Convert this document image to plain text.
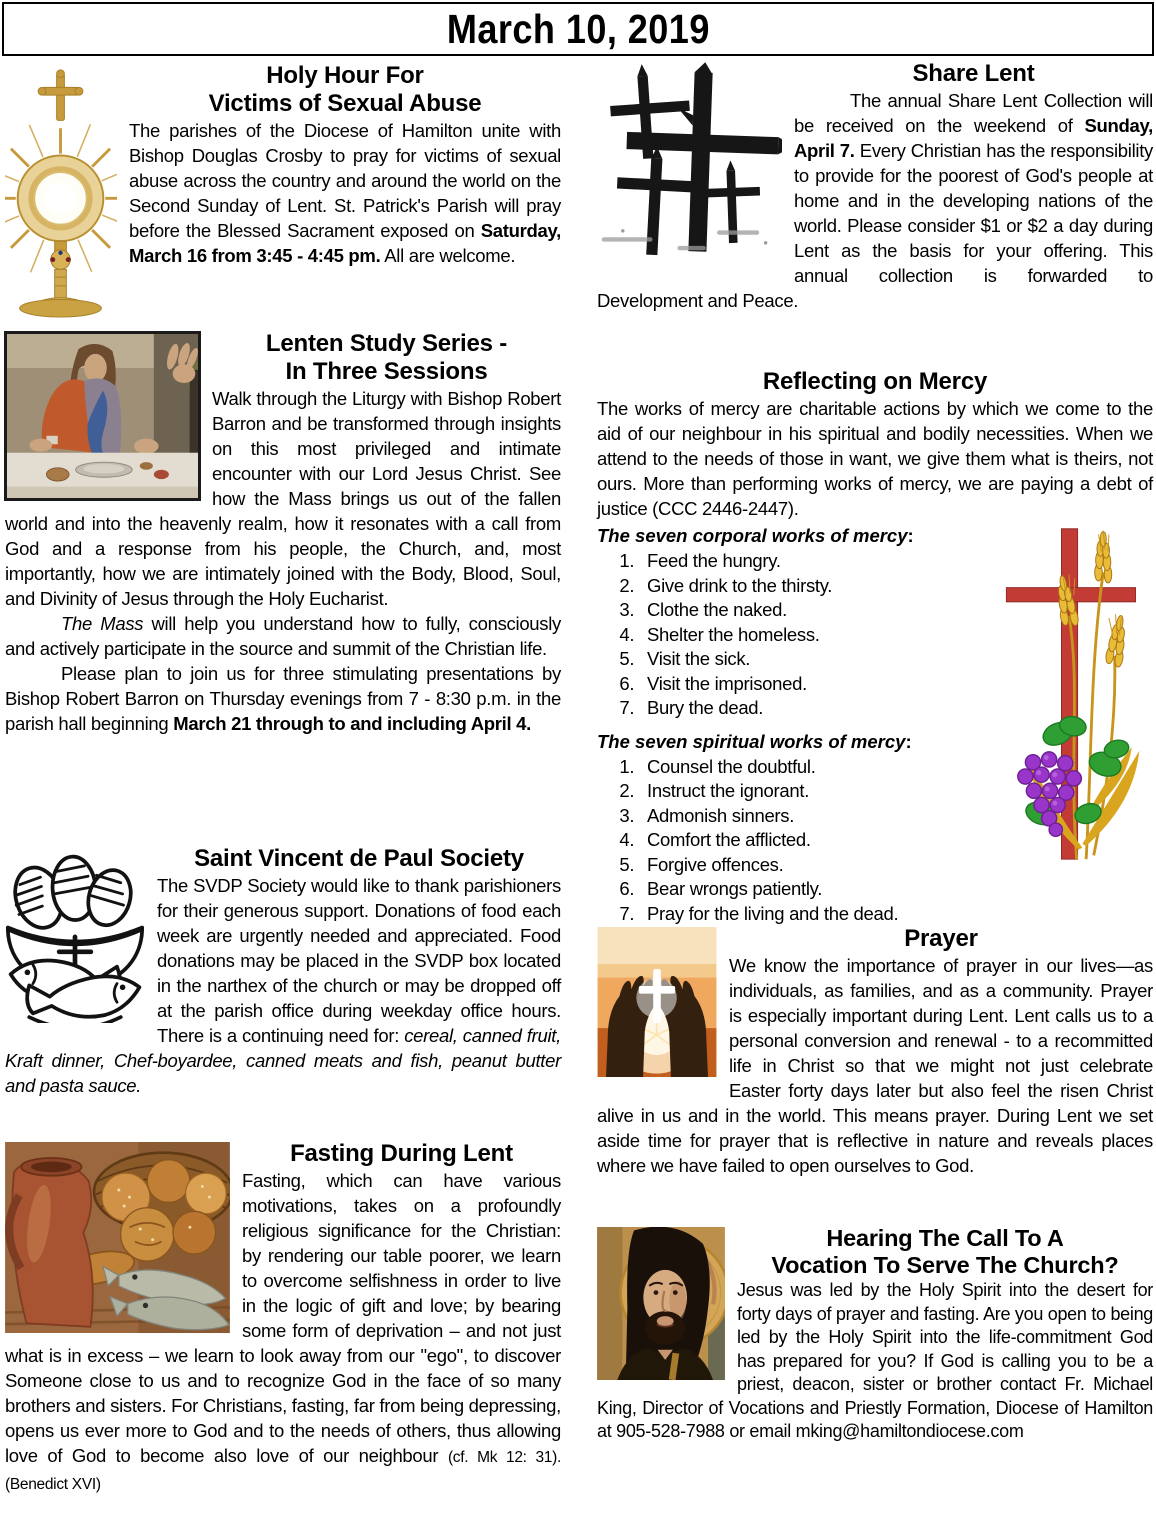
March 10, 2019
Holy Hour For
Victims of Sexual Abuse

The parishes of the Diocese of Hamilton unite with Bishop Douglas Crosby to pray for victims of sexual abuse across the country and around the world on the Second Sunday of Lent. St. Patrick's Parish will pray before the Blessed Sacrament exposed on Saturday, March 16 from 3:45 - 4:45 pm. All are welcome.

Lenten Study Series -
In Three Sessions

Walk through the Liturgy with Bishop Robert Barron and be transformed through insights on this most privileged and intimate encounter with our Lord Jesus Christ. See how the Mass brings us out of the fallen world and into the heavenly realm, how it resonates with a call from God and a response from his people, the Church, and, most importantly, how we are intimately joined with the Body, Blood, Soul, and Divinity of Jesus through the Holy Eucharist.

The Mass will help you understand how to fully, consciously and actively participate in the source and summit of the Christian life.

Please plan to join us for three stimulating presentations by Bishop Robert Barron on Thursday evenings from 7 - 8:30 p.m. in the parish hall beginning March 21 through to and including April 4.

Saint Vincent de Paul Society

The SVDP Society would like to thank parishioners for their generous support. Donations of food each week are urgently needed and appreciated. Food donations may be placed in the SVDP box located in the narthex of the church or may be dropped off at the parish office during weekday office hours. There is a continuing need for: cereal, canned fruit, Kraft dinner, Chef-boyardee, canned meats and fish, peanut butter and pasta sauce.

Fasting During Lent

Fasting, which can have various motivations, takes on a profoundly religious significance for the Christian: by rendering our table poorer, we learn to overcome selfishness in order to live in the logic of gift and love; by bearing some form of deprivation – and not just what is in excess – we learn to look away from our "ego", to discover Someone close to us and to recognize God in the face of so many brothers and sisters. For Christians, fasting, far from being depressing, opens us ever more to God and to the needs of others, thus allowing love of God to become also love of our neighbour (cf. Mk 12: 31). (Benedict XVI)

Share Lent

The annual Share Lent Collection will be received on the weekend of Sunday, April 7. Every Christian has the responsibility to provide for the poorest of God's people at home and in the developing nations of the world. Please consider $1 or $2 a day during Lent as the basis for your offering. This annual collection is forwarded to Development and Peace.

Reflecting on Mercy

The works of mercy are charitable actions by which we come to the aid of our neighbour in his spiritual and bodily necessities. When we attend to the needs of those in want, we give them what is theirs, not ours. More than performing works of mercy, we are paying a debt of justice (CCC 2446-2447).

The seven corporal works of mercy:
1. Feed the hungry.
2. Give drink to the thirsty.
3. Clothe the naked.
4. Shelter the homeless.
5. Visit the sick.
6. Visit the imprisoned.
7. Bury the dead.
The seven spiritual works of mercy:
1. Counsel the doubtful.
2. Instruct the ignorant.
3. Admonish sinners.
4. Comfort the afflicted.
5. Forgive offences.
6. Bear wrongs patiently.
7. Pray for the living and the dead.
Prayer

We know the importance of prayer in our lives—as individuals, as families, and as a community. Prayer is especially important during Lent. Lent calls us to a personal conversion and renewal - to a recommitted life in Christ so that we might not just celebrate Easter forty days later but also feel the risen Christ alive in us and in the world. This means prayer. During Lent we set aside time for prayer that is reflective in nature and reveals places where we have failed to open ourselves to God.

Hearing The Call To A
Vocation To Serve The Church?

Jesus was led by the Holy Spirit into the desert for forty days of prayer and fasting. Are you open to being led by the Holy Spirit into the life-commitment God has prepared for you? If God is calling you to be a priest, deacon, sister or brother contact Fr. Michael King, Director of Vocations and Priestly Formation, Diocese of Hamilton at 905-528-7988 or email mking@hamiltondiocese.com
